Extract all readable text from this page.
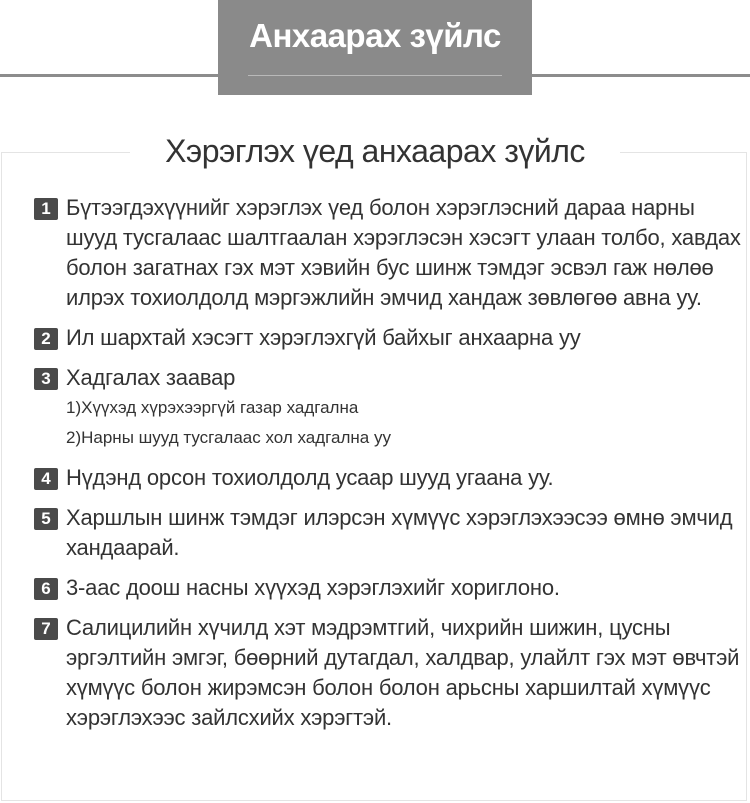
Анхаарах зүйлс
Хэрэглэх үед анхаарах зүйлс
1 Бүтээгдэхүүнийг хэрэглэх үед болон хэрэглэсний дараа нарны шууд тусгалаас шалтгаалан хэрэглэсэн хэсэгт улаан толбо, хавдах болон загатнах гэх мэт хэвийн бус шинж тэмдэг эсвэл гаж нөлөө илрэх тохиолдолд мэргэжлийн эмчид хандаж зөвлөгөө авна уу.
2 Ил шархтай хэсэгт хэрэглэхгүй байхыг анхаарна уу
3 Хадгалах заавар
1)Хүүхэд хүрэхээргүй газар хадгална
2)Нарны шууд тусгалаас хол хадгална уу
4 Нүдэнд орсон тохиолдолд усаар шууд угаана уу.
5 Харшлын шинж тэмдэг илэрсэн хүмүүс хэрэглэхээсээ өмнө эмчид хандаарай.
6 3-аас доош насны хүүхэд хэрэглэхийг хориглоно.
7 Салицилийн хүчилд хэт мэдрэмтгий, чихрийн шижин, цусны эргэлтийн эмгэг, бөөрний дутагдал, халдвар, улайлт гэх мэт өвчтэй хүмүүс болон жирэмсэн болон болон арьсны харшилтай хүмүүс хэрэглэхээс зайлсхийх хэрэгтэй.
